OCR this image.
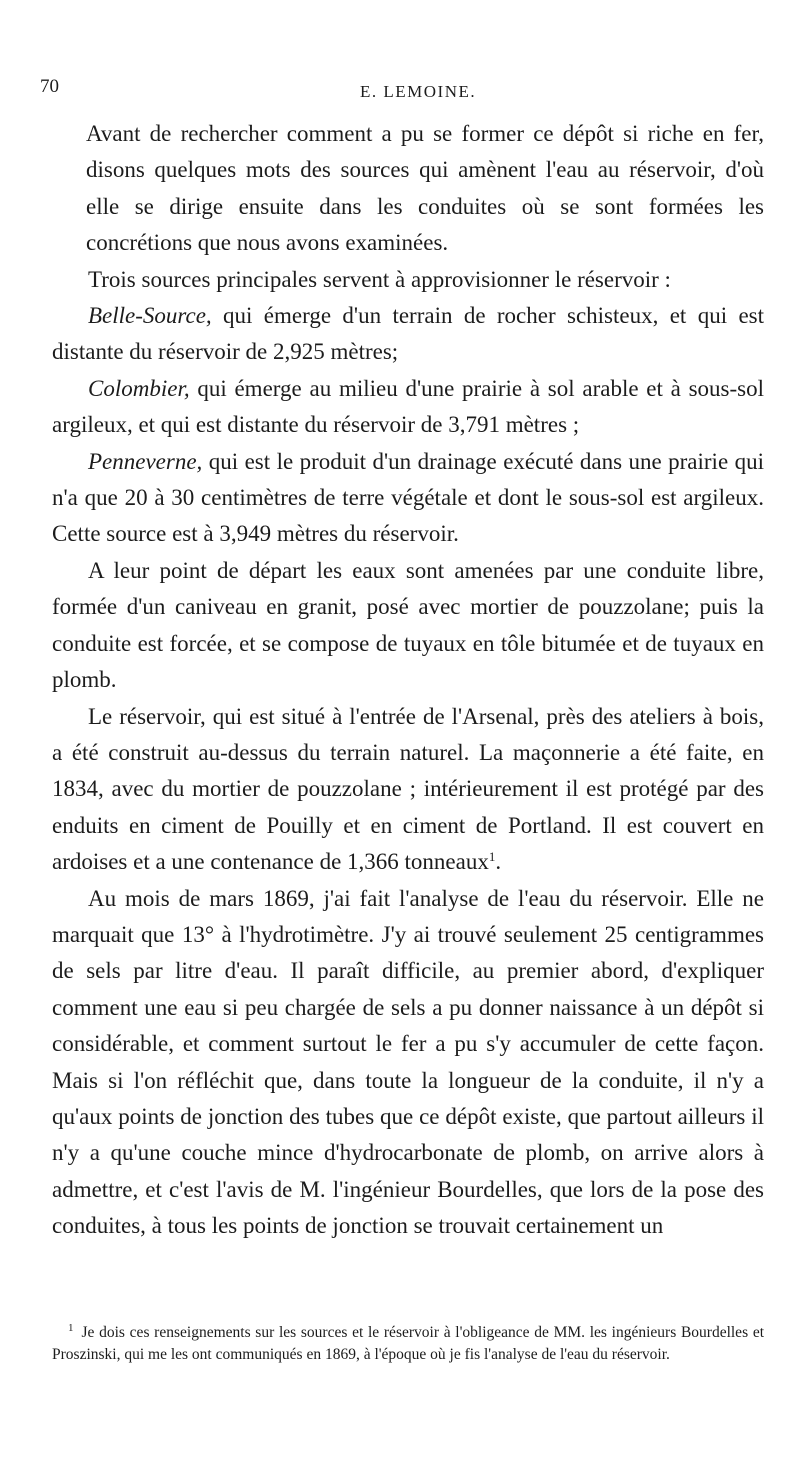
70	E. LEMOINE.

Avant de rechercher comment a pu se former ce dépôt si riche en fer, disons quelques mots des sources qui amènent l'eau au réservoir, d'où elle se dirige ensuite dans les conduites où se sont formées les concrétions que nous avons examinées.

Trois sources principales servent à approvisionner le réservoir :

Belle-Source, qui émerge d'un terrain de rocher schisteux, et qui est distante du réservoir de 2,925 mètres;

Colombier, qui émerge au milieu d'une prairie à sol arable et à sous-sol argileux, et qui est distante du réservoir de 3,791 mètres ;

Penneverne, qui est le produit d'un drainage exécuté dans une prairie qui n'a que 20 à 30 centimètres de terre végétale et dont le sous-sol est argileux. Cette source est à 3,949 mètres du réservoir.

A leur point de départ les eaux sont amenées par une conduite libre, formée d'un caniveau en granit, posé avec mortier de pouzzolane; puis la conduite est forcée, et se compose de tuyaux en tôle bitumée et de tuyaux en plomb.

Le réservoir, qui est situé à l'entrée de l'Arsenal, près des ateliers à bois, a été construit au-dessus du terrain naturel. La maçonnerie a été faite, en 1834, avec du mortier de pouzzolane ; intérieurement il est protégé par des enduits en ciment de Pouilly et en ciment de Portland. Il est couvert en ardoises et a une contenance de 1,366 tonneaux$^1$.

Au mois de mars 1869, j'ai fait l'analyse de l'eau du réservoir. Elle ne marquait que 13° à l'hydrotimètre. J'y ai trouvé seulement 25 centigrammes de sels par litre d'eau. Il paraît difficile, au premier abord, d'expliquer comment une eau si peu chargée de sels a pu donner naissance à un dépôt si considérable, et comment surtout le fer a pu s'y accumuler de cette façon. Mais si l'on réfléchit que, dans toute la longueur de la conduite, il n'y a qu'aux points de jonction des tubes que ce dépôt existe, que partout ailleurs il n'y a qu'une couche mince d'hydrocarbonate de plomb, on arrive alors à admettre, et c'est l'avis de M. l'ingénieur Bourdelles, que lors de la pose des conduites, à tous les points de jonction se trouvait certainement un

$^1$ Je dois ces renseignements sur les sources et le réservoir à l'obligeance de MM. les ingénieurs Bourdelles et Proszinski, qui me les ont communiqués en 1869, à l'époque où je fis l'analyse de l'eau du réservoir.
